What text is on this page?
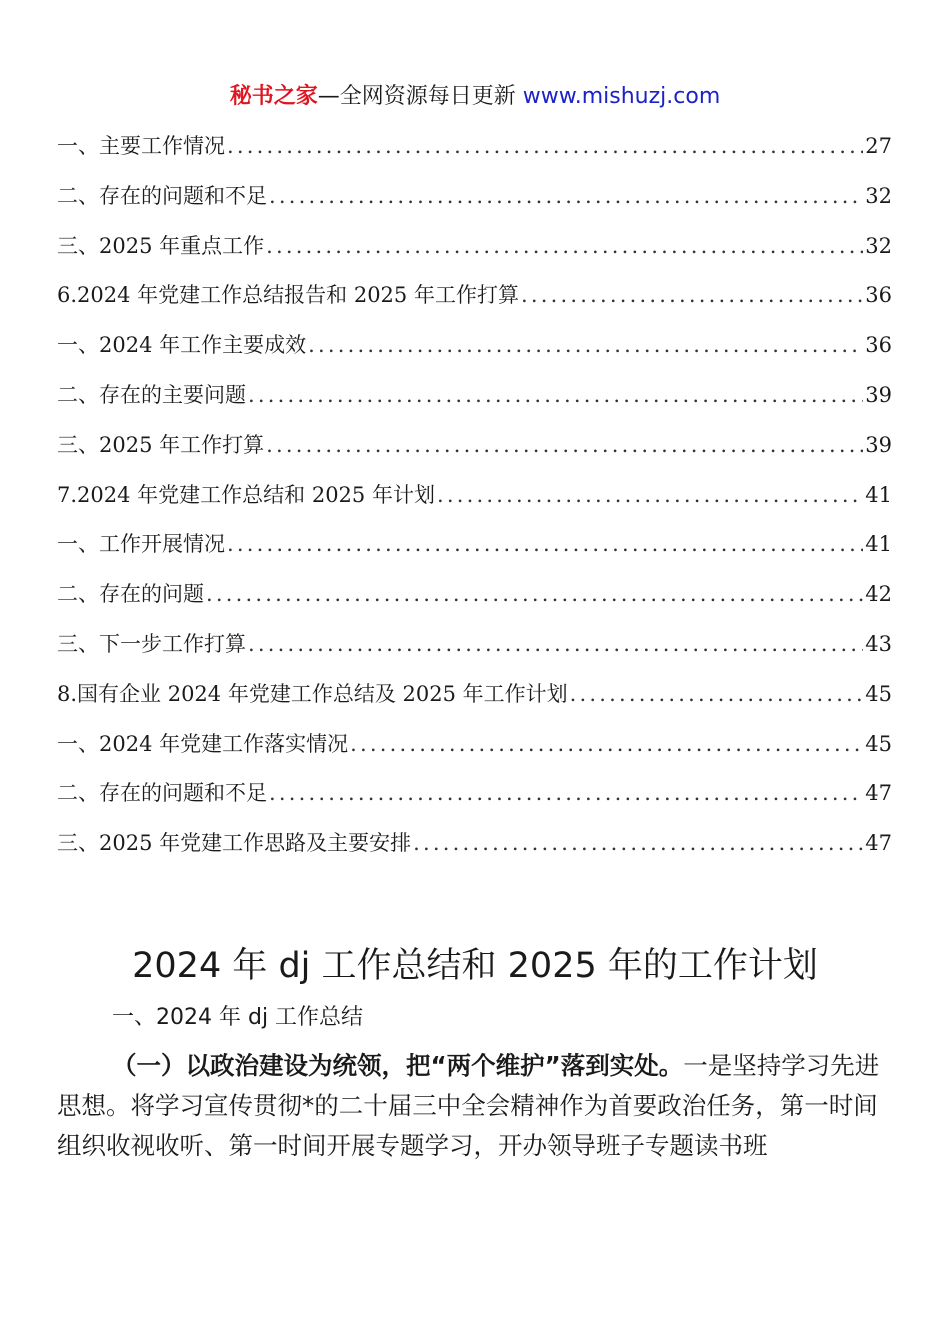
秘书之家—全网资源每日更新 www.mishuzj.com
一、主要工作情况 .....	27
二、存在的问题和不足 .....	32
三、2025 年重点工作 .....	32
6.2024 年党建工作总结报告和 2025 年工作打算 .....	36
一、2024 年工作主要成效 .....	36
二、存在的主要问题 .....	39
三、2025 年工作打算 .....	39
7.2024 年党建工作总结和 2025 年计划 .....	41
一、工作开展情况 .....	41
二、存在的问题 .....	42
三、下一步工作打算 .....	43
8.国有企业 2024 年党建工作总结及 2025 年工作计划 .....	45
一、2024 年党建工作落实情况 .....	45
二、存在的问题和不足 .....	47
三、2025 年党建工作思路及主要安排 .....	47
2024 年 dj 工作总结和 2025 年的工作计划
一、2024 年 dj 工作总结

（一）以政治建设为统领，把“两个维护”落到实处。一是坚持学习先进思想。将学习宣传贯彻*的二十届三中全会精神作为首要政治任务，第一时间组织收视收听、第一时间开展专题学习，开办领导班子专题读书班
